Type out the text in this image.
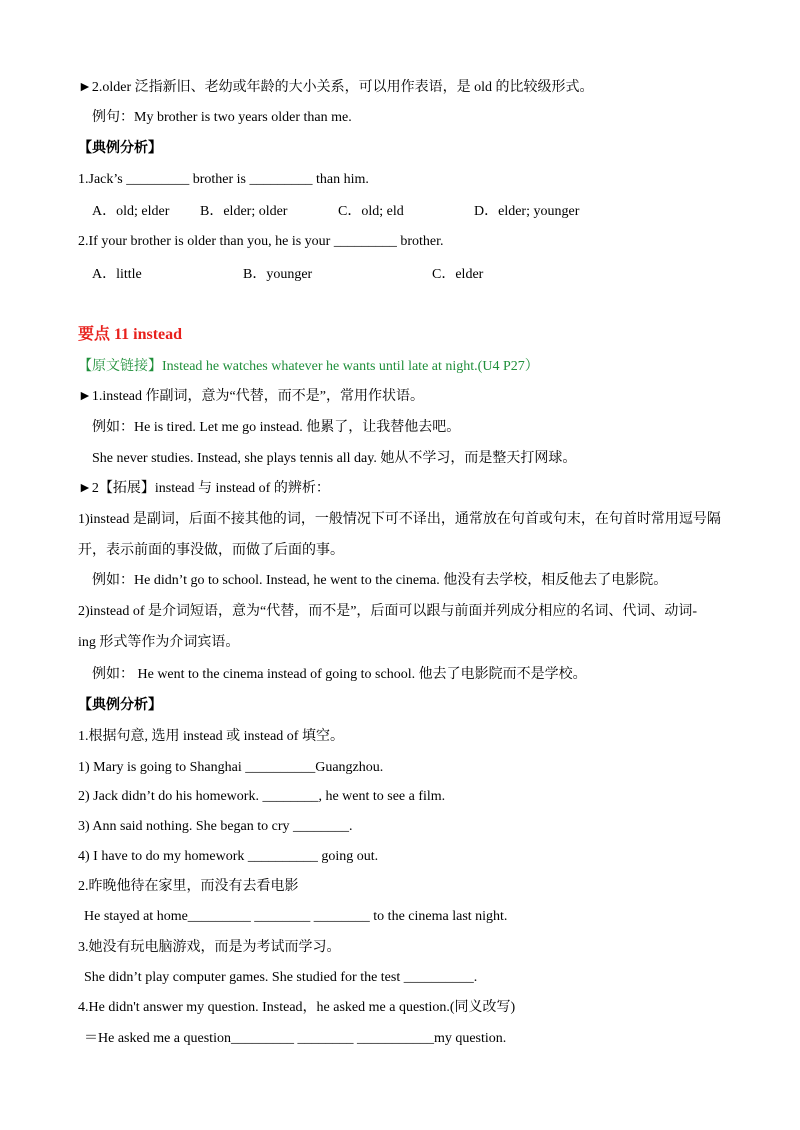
►2.older 泛指新旧、老幼或年龄的大小关系，可以用作表语，是 old 的比较级形式。
例句：My brother is two years older than me.
【典例分析】
1.Jack’s _________ brother is _________ than him.
A．old; elder B．elder; older	C．old; eld	D．elder; younger
2.If your brother is older than you, he is your _________ brother.
A．little	B．younger	C．elder
要点 11 instead
【原文链接】Instead he watches whatever he wants until late at night.(U4 P27）
►1.instead 作副词，意为“代替，而不是”，常用作状语。
例如：He is tired. Let me go instead. 他累了，让我替他去吧。
She never studies. Instead, she plays tennis all day. 她从不学习，而是整天打网球。
►2【拓展】instead 与 instead of 的辨析：
1)instead 是副词，后面不接其他的词，一般情况下可不译出，通常放在句首或句末，在句首时常用逗号隔
开，表示前面的事没做，而做了后面的事。
例如：He didn’t go to school. Instead, he went to the cinema. 他没有去学校，相反他去了电影院。
2)instead of 是介词短语，意为“代替，而不是”，后面可以跟与前面并列成分相应的名词、代词、动词-
ing 形式等作为介词宾语。
例如： He went to the cinema instead of going to school. 他去了电影院而不是学校。
【典例分析】
1.根据句意, 选用 instead 或 instead of 填空。
1) Mary is going to Shanghai __________Guangzhou.
2) Jack didn’t do his homework. ________, he went to see a film.
3) Ann said nothing. She began to cry ________.
4) I have to do my homework __________ going out.
2.昨晚他待在家里，而没有去看电影
He stayed at home_________ ________ ________ to the cinema last night.
3.她没有玩电脑游戏，而是为考试而学习。
She didn’t play computer games. She studied for the test __________.
4.He didn't answer my question. Instead，he asked me a question.(同义改写)
＝He asked me a question_________ ________ ___________my question.
